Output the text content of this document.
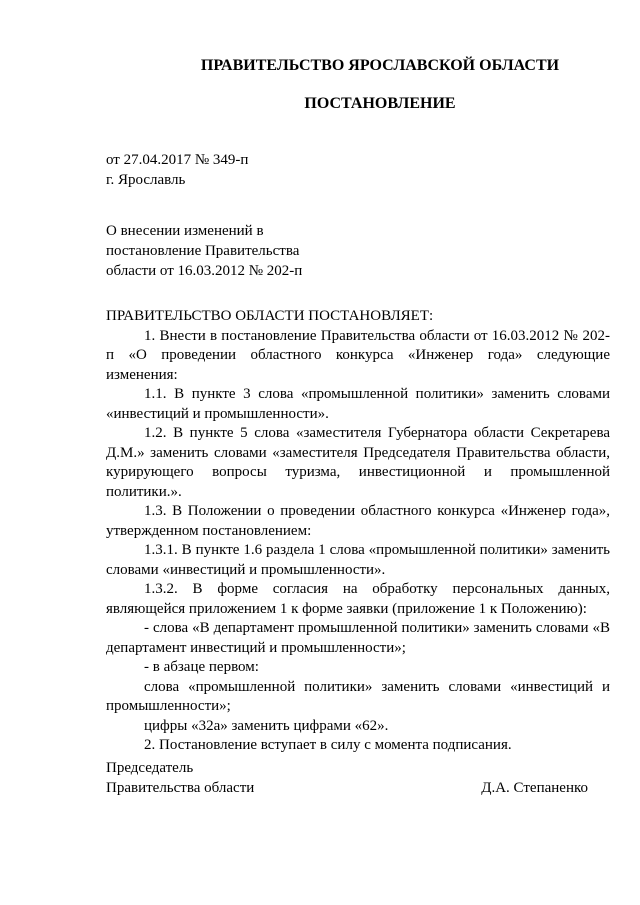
ПРАВИТЕЛЬСТВО ЯРОСЛАВСКОЙ ОБЛАСТИ
ПОСТАНОВЛЕНИЕ

от 27.04.2017 № 349-п

г. Ярославль

О внесении изменений в

постановление Правительства

области от 16.03.2012 № 202-п

ПРАВИТЕЛЬСТВО ОБЛАСТИ ПОСТАНОВЛЯЕТ:

1. Внести в постановление Правительства области от 16.03.2012 № 202-п «О проведении областного конкурса «Инженер года» следующие изменения:

1.1. В пункте 3 слова «промышленной политики» заменить словами «инвестиций и промышленности».

1.2. В пункте 5 слова «заместителя Губернатора области Секретарева Д.М.» заменить словами «заместителя Председателя Правительства области, курирующего вопросы туризма, инвестиционной и промышленной политики.».

1.3. В Положении о проведении областного конкурса «Инженер года», утвержденном постановлением:

1.3.1. В пункте 1.6 раздела 1 слова «промышленной политики» заменить словами «инвестиций и промышленности».

1.3.2. В форме согласия на обработку персональных данных, являющейся приложением 1 к форме заявки (приложение 1 к Положению):

- слова «В департамент промышленной политики» заменить словами «В департамент инвестиций и промышленности»;

- в абзаце первом:

слова «промышленной политики» заменить словами «инвестиций и промышленности»;

цифры «32а» заменить цифрами «62».

2. Постановление вступает в силу с момента подписания.

Председатель

Правительства области	Д.А. Степаненко
